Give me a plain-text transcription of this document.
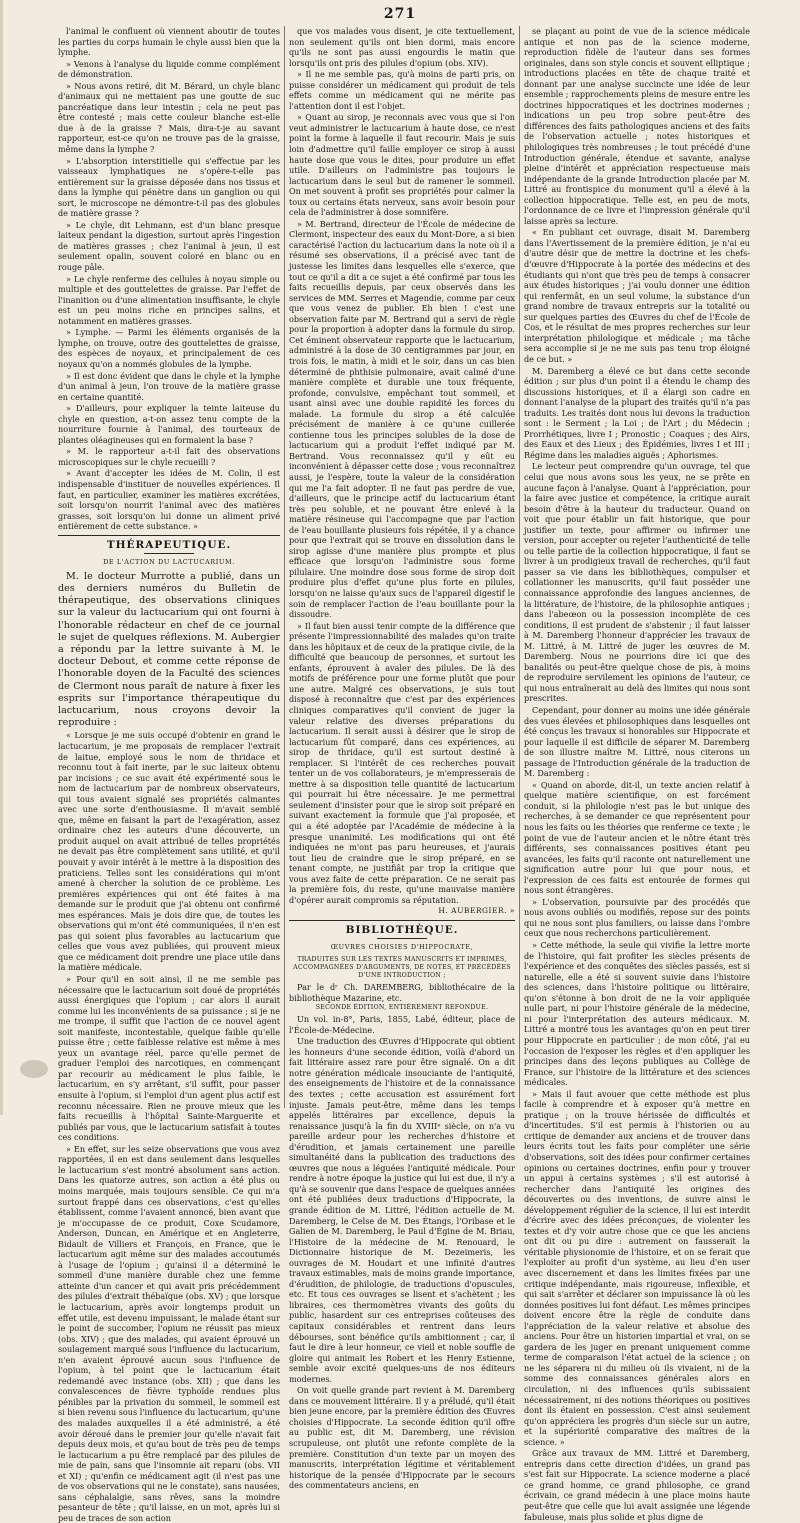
271

l'animal le confluent où viennent aboutir de toutes les parties du corps humain le chyle aussi bien que la lymphe.

» Venons à l'analyse du liquide comme complément de démonstration.

» Nous avons retiré, dit M. Bérard, un chyle blanc d'animaux qui ne mettaient pas une goutte de suc pancréatique dans leur intestin ; cela ne peut pas être contesté ; mais cette couleur blanche est-elle due à de la graisse ? Mais, dira-t-je au savant rapporteur, est-ce qu'on ne trouve pas de la graisse, même dans la lymphe ?

» L'absorption interstitielle qui s'effectue par les vaisseaux lymphatiques ne s'opère-t-elle pas entièrement sur la graisse déposée dans nos tissus et dans la lymphe qui pénètre dans un ganglion ou qui sort, le microscope ne démontre-t-il pas des globules de matière grasse ?

» Le chyle, dit Lehmann, est d'un blanc presque laiteux pendant la digestion, surtout après l'ingestion de matières grasses ; chez l'animal à jeun, il est seulement opalin, souvent coloré en blanc ou en rouge pâle.

» Le chyle renferme des cellules à noyau simple ou multiple et des gouttelettes de graisse. Par l'effet de l'inanition ou d'une alimentation insuffisante, le chyle est un peu moins riche en principes salins, et notamment en matières grasses.

» Lymphe. — Parmi les éléments organisés de la lymphe, on trouve, outre des gouttelettes de graisse, des espèces de noyaux, et principalement de ces noyaux qu'on a nommés globules de la lymphe.

» Il est donc évident que dans le chyle et la lymphe d'un animal à jeun, l'on trouve de la matière grasse en certaine quantité.

» D'ailleurs, pour expliquer la teinte laiteuse du chyle en question, a-t-on assez tenu compte de la nourriture fournie à l'animal, des tourteaux de plantes oléagineuses qui en formaient la base ?

» M. le rapporteur a-t-il fait des observations microscopiques sur le chyle recueilli ?

» Avant d'accepter les idées de M. Colin, il est indispensable d'instituer de nouvelles expériences. Il faut, en particulier, examiner les matières excrétées, soit lorsqu'on nourrit l'animal avec des matières grasses, soit lorsqu'on lui donne un aliment privé entièrement de cette substance. »

THÉRAPEUTIQUE.
DE L'ACTION DU LACTUCARIUM.

M. le docteur Murrotte a publié, dans un des derniers numéros du Bulletin de thérapeutique, des observations cliniques sur la valeur du lactucarium qui ont fourni à l'honorable rédacteur en chef de ce journal le sujet de quelques réflexions. M. Aubergier a répondu par la lettre suivante à M. le docteur Debout, et comme cette réponse de l'honorable doyen de la Faculté des sciences de Clermont nous paraît de nature à fixer les esprits sur l'importance thérapeutique du lactucarium, nous croyons devoir la reproduire :

« Lorsque je me suis occupé d'obtenir en grand le lactucarium, je me proposais de remplacer l'extrait de laitue, employé sous le nom de thridace et reconnu tout à fait inerte, par le suc laiteux obtenu par incisions ; ce suc avait été expérimenté sous le nom de lactucarium par de nombreux observateurs, qui tous avaient signalé ses propriétés calmantes avec une sorte d'enthousiasme. Il m'avait semblé que, même en faisant la part de l'exagération, assez ordinaire chez les auteurs d'une découverte, un produit auquel on avait attribué de telles propriétés ne devait pas être complètement sans utilité, et qu'il pouvait y avoir intérêt à le mettre à la disposition des praticiens. Telles sont les considérations qui m'ont amené à chercher la solution de ce problème. Les premières expériences qui ont été faites à ma demande sur le produit que j'ai obtenu ont confirmé mes espérances. Mais je dois dire que, de toutes les observations qui m'ont été communiquées, il n'en est pas qui soient plus favorables au lactucarium que celles que vous avez publiées, qui prouvent mieux que ce médicament doit prendre une place utile dans la matière médicale.

» Pour qu'il en soit ainsi, il ne me semble pas nécessaire que le lactucarium soit doué de propriétés aussi énergiques que l'opium ; car alors il aurait comme lui les inconvénients de sa puissance ; si je ne me trompe, il suffit que l'action de ce nouvel agent soit manifeste, incontestable, quelque faible qu'elle puisse être ; cette faiblesse relative est même à mes yeux un avantage réel, parce qu'elle permet de graduer l'emploi des narcotiques, en commençant par recourir au médicament le plus faible, le lactucarium, en s'y arrêtant, s'il suffit, pour passer ensuite à l'opium, si l'emploi d'un agent plus actif est reconnu nécessaire. Rien ne prouve mieux que les faits recueillis à l'hôpital Sainte-Marguerite et publiés par vous, que le lactucarium satisfait à toutes ces conditions.

» En effet, sur les seize observations que vous avez rapportées, il en est dans seulement dans lesquelles le lactucarium s'est montré absolument sans action. Dans les quatorze autres, son action a été plus ou moins marquée, mais toujours sensible. Ce qui m'a surtout frappé dans ces observations, c'est qu'elles établissent, comme l'avaient annoncé, bien avant que je m'occupasse de ce produit, Coxe Scudamore, Anderson, Duncan, en Amérique et en Angleterre, Bidault de Villiers et François, en France, que le lactucarium agit même sur des malades accoutumés à l'usage de l'opium ; qu'ainsi il a déterminé le sommeil d'une manière durable chez une femme atteinte d'un cancer et qui avait pris précédemment des pilules d'extrait thébaïque (obs. XV) ; que lorsque le lactucarium, après avoir longtemps produit un effet utile, est devenu impuissant, le malade étant sur le point de succomber, l'opium ne réussit pas mieux (obs. XIV) ; que des malades, qui avaient éprouvé un soulagement marqué sous l'influence du lactucarium, n'en avaient éprouvé aucun sous l'influence de l'opium, à tel point que le lactucarium était redemandé avec instance (obs. XII) ; que dans les convalescences de fièvre typhoïde rendues plus pénibles par la privation du sommeil, le sommeil est si bien revenu sous l'influence du lactucarium, qu'une des malades auxquelles il a été administré, a été avoir déroué dans le premier jour qu'elle n'avait fait depuis deux mois, et qu'au bout de très peu de temps le lactucarium a pu être remplacé par des pilules de mie de pain, sans que l'insomnie ait reparu (obs. VII et XI) ; qu'enfin ce médicament agit (il n'est pas une de vos observations qui ne le constate), sans nausées, sans céphalalgie, sans rêves, sans la moindre pesanteur de tête ; qu'il laisse, en un mot, après lui si peu de traces de son action

que vos malades vous disent, je cite textuellement, non seulement qu'ils ont bien dormi, mais encore qu'ils ne sont pas aussi engourdis le matin que lorsqu'ils ont pris des pilules d'opium (obs. XIV).

» Il ne me semble pas, qu'à moins de parti pris, on puisse considérer un médicament qui produit de tels effets comme un médicament qui ne mérite pas l'attention dont il est l'objet.

» Quant au sirop, je reconnais avec vous que si l'on veut administrer le lactucarium à haute dose, ce n'est point la forme à laquelle il faut recourir. Mais je suis loin d'admettre qu'il faille employer ce sirop à aussi haute dose que vous le dites, pour produire un effet utile. D'ailleurs on l'administre pas toujours le lactucarium dans le seul but de ramener le sommeil. On met souvent à profit ses propriétés pour calmer la toux ou certains états nerveux, sans avoir besoin pour cela de l'administrer à dose somnifère.

» M. Bertrand, directeur de l'École de médecine de Clermont, inspecteur des eaux du Mont-Dore, a si bien caractérisé l'action du lactucarium dans la note où il a résumé ses observations, il a précisé avec tant de justesse les limites dans lesquelles elle s'exerce, que tout ce qu'il a dit a ce sujet a été confirmé par tous les faits recueillis depuis, par ceux observés dans les services de MM. Serres et Magendie, comme par ceux que vous venez de publier. Eh bien ! c'est une observation faite par M. Bertrand qui a servi de règle pour la proportion à adopter dans la formule du sirop. Cet éminent observateur rapporte que le lactucarium, administré à la dose de 30 centigrammes par jour, en trois fois, le matin, à midi et le soir, dans un cas bien déterminé de phthisie pulmonaire, avait calmé d'une manière complète et durable une toux fréquente, profonde, convulsive, empêchant tout sommeil, et usant ainsi avec une double rapidité les forces du malade. La formule du sirop a été calculée précisément de manière à ce qu'une cuillerée contienne tous les principes solubles de la dose de lactucarium qui a produit l'effet indiqué par M. Bertrand. Vous reconnaissez qu'il y eût eu inconvénient à dépasser cette dose ; vous reconnaîtrez aussi, je l'espère, toute la valeur de la considération qui me l'a fait adopter. Il ne faut pas perdre de vue, d'ailleurs, que le principe actif du lactucarium étant très peu soluble, et ne pouvant être enlevé à la matière résineuse qui l'accompagne que par l'action de l'eau bouillante plusieurs fois répétée, il y a chance pour que l'extrait qui se trouve en dissolution dans le sirop agisse d'une manière plus prompte et plus efficace que lorsqu'on l'administre sous forme pilulaire. Une moindre dose sous forme de sirop doit produire plus d'effet qu'une plus forte en pilules, lorsqu'on ne laisse qu'aux sucs de l'appareil digestif le soin de remplacer l'action de l'eau bouillante pour la dissoudre.

» Il faut bien aussi tenir compte de la différence que présente l'impressionnabilité des malades qu'on traite dans les hôpitaux et de ceux de la pratique civile, de la difficulté que beaucoup de personnes, et surtout les enfants, éprouvent à avaler des pilules. De là des motifs de préférence pour une forme plutôt que pour une autre. Malgré ces observations, je suis tout disposé à reconnaître que c'est par des expériences cliniques comparatives qu'il convient de juger la valeur relative des diverses préparations du lactucarium. Il serait aussi à désirer que le sirop de lactucarium fût comparé, dans ces expériences, au sirop de thridace, qu'il est surtout destiné à remplacer. Si l'intérêt de ces recherches pouvait tenter un de vos collaborateurs, je m'empresserais de mettre à sa disposition telle quantité de lactucarium qui pourrait lui être nécessaire. Je me permettrai seulement d'insister pour que le sirop soit préparé en suivant exactement la formule que j'ai proposée, et qui a été adoptée par l'Académie de médecine à la presque unanimité. Les modifications qui ont été indiquées ne m'ont pas paru heureuses, et j'aurais tout lieu de craindre que le sirop préparé, en se tenant compte, ne justifiât par trop la critique que vous avez faite de cette préparation. Ce ne serait pas la première fois, du reste, qu'une mauvaise manière d'opérer aurait compromis sa réputation.

H. AUBERGIER. »
BIBLIOTHÈQUE.
ŒUVRES CHOISIES D'HIPPOCRATE,
TRADUITES SUR LES TEXTES MANUSCRITS ET IMPRIMÉS, ACCOMPAGNÉES D'ARGUMENTS, DE NOTES, ET PRÉCÉDÉES D'UNE INTRODUCTION ;

Par le dʳ Ch. DAREMBERG, bibliothécaire de la bibliothèque Mazarine, etc.

SECONDE ÉDITION, ENTIÈREMENT REFONDUE.

Un vol. in-8°, Paris, 1855, Labé, éditeur, place de l'École-de-Médecine.

Une traduction des Œuvres d'Hippocrate qui obtient les honneurs d'une seconde édition, voilà d'abord un fait littéraire assez rare pour être signalé. On a dit notre génération médicale insouciante de l'antiquité, des enseignements de l'histoire et de la connaissance des textes ; cette accusation est assurément fort injuste. Jamais peut-être, même dans les temps appelés littéraires par excellence, depuis la renaissance jusqu'à la fin du XVIIIᵉ siècle, on n'a vu pareille ardeur pour les recherches d'histoire et d'érudition, et jamais certainement une pareille simultanéité dans la publication des traductions des œuvres que nous a léguées l'antiquité médicale. Pour rendre à notre époque la justice qui lui est due, il n'y a qu'à se souvenir que dans l'espace de quelques années ont été publiées deux traductions d'Hippocrate, la grande édition de M. Littré, l'édition actuelle de M. Daremberg, le Celse de M. Des Étangs, l'Oribase et le Galien de M. Daremberg, le Paul d'Égine de M. Briau, l'Histoire de la médecine de M. Renouard, le Dictionnaire historique de M. Dezeimeris, les ouvrages de M. Houdart et une infinité d'autres travaux estimables, mais de moins grande importance, d'érudition, de philologie, de traductions d'opuscules, etc. Et tous ces ouvrages se lisent et s'achètent ; les libraires, ces thermomètres vivants des goûts du public, hasardent sur ces entreprises coûteuses des capitaux considérables et rentrent dans leurs débourses, sont bénéfice qu'ils ambitionnent ; car, il faut le dire à leur honneur, ce vieil et noble souffle de gloire qui animait les Robert et les Henry Estienne, semble avoir excité quelques-uns de nos éditeurs modernes.

On voit quelle grande part revient à M. Daremberg dans ce mouvement littéraire. Il y a préludé, qu'il était bien jeune encore, par la première édition des Œuvres choisies d'Hippocrate. La seconde édition qu'il offre au public est, dit M. Daremberg, une révision scrupuleuse, ont plutôt une refonte complète de la première. Constitution d'un texte par un moyen des manuscrits, interprétation légitime et véritablement historique de la pensée d'Hippocrate par le secours des commentateurs anciens, en

se plaçant au point de vue de la science médicale antique et non pas de la science moderne, reproduction fidèle de l'auteur dans ses formes originales, dans son style concis et souvent elliptique ; introductions placées en tête de chaque traité et donnant par une analyse succincte une idée de leur ensemble ; rapprochements pleins de mesure entre les doctrines hippocratiques et les doctrines modernes ; indications un peu trop sobre peut-être des différences des faits pathologiques anciens et des faits de l'observation actuelle ; notes historiques et philologiques très nombreuses ; le tout précédé d'une Introduction générale, étendue et savante, analyse pleine d'intérêt et appréciation respectueuse mais indépendante de la grande Introduction placée par M. Littré au frontispice du monument qu'il a élevé à la collection hippocratique. Telle est, en peu de mots, l'ordonnance de ce livre et l'impression générale qu'il laisse après sa lecture.

« En publiant cet ouvrage, disait M. Daremberg dans l'Avertissement de la première édition, je n'ai eu d'autre désir que de mettre la doctrine et les chefs-d'œuvre d'Hippocrate à la portée des médecins et des étudiants qui n'ont que très peu de temps à consacrer aux études historiques ; j'ai voulu donner une édition qui renfermât, en un seul volume, la substance d'un grand nombre de travaux entrepris sur la totalité ou sur quelques parties des Œuvres du chef de l'École de Cos, et le résultat de mes propres recherches sur leur interprétation philologique et médicale ; ma tâche sera accomplie si je ne me suis pas tenu trop éloigné de ce but. »

M. Daremberg a élevé ce but dans cette seconde édition ; sur plus d'un point il a étendu le champ des discussions historiques, et il a élargi son cadre en donnant l'analyse de la plupart des traités qu'il n'a pas traduits. Les traités dont nous lui devons la traduction sont : le Serment ; la Loi ; de l'Art ; du Médecin ; Prorrhétiques, livre I ; Pronostic ; Coaques ; des Airs, des Eaux et des Lieux ; des Épidémies, livres I et III ; Régime dans les maladies aiguës ; Aphorismes.

Le lecteur peut comprendre qu'un ouvrage, tel que celui que nous avons sous les yeux, ne se prête en aucune façon à l'analyse. Quant à l'appréciation, pour la faire avec justice et compétence, la critique aurait besoin d'être à la hauteur du traducteur. Quand on voit que pour établir un fait historique, que pour justifier un texte, pour affirmer ou infirmer une version, pour accepter ou rejeter l'authenticité de telle ou telle partie de la collection hippocratique, il faut se livrer à un prodigieux travail de recherches, qu'il faut passer sa vie dans les bibliothèques, compulser et collationner les manuscrits, qu'il faut posséder une connaissance approfondie des langues anciennes, de la littérature, de l'histoire, de la philosophie antiques ; dans l'abeœon ou la possession incomplète de ces conditions, il est prudent de s'abstenir ; il faut laisser à M. Daremberg l'honneur d'apprécier les travaux de M. Littré, à M. Littré de juger les œuvres de M. Daremberg. Nous ne pourrions dire ici que des banalités ou peut-être quelque chose de pis, à moins de reproduire servilement les opinions de l'auteur, ce qui nous entraînerait au delà des limites qui nous sont prescrites.

Cependant, pour donner au moins une idée générale des vues élevées et philosophiques dans lesquelles ont été conçus les travaux si honorables sur Hippocrate et pour laquelle il est difficile de séparer M. Daremberg de son illustre maître M. Littré, nous citerons un passage de l'Introduction générale de la traduction de M. Daremberg :

« Quand on aborde, dit-il, un texte ancien relatif à quelque matière scientifique, on est forcément conduit, si la philologie n'est pas le but unique des recherches, à se demander ce que représentent pour nous les faits ou les théories que renferme ce texte ; le point de vue de l'auteur ancien et le nôtre étant très différents, ses connaissances positives étant peu avancées, les faits qu'il raconte ont naturellement une signification autre pour lui que pour nous, et l'expression de ces faits est entourée de formes qui nous sont étrangères.

» L'observation, poursuivie par des procédés que nous avons oubliés ou modifiés, repose sur des points qui ne nous sont plus familiers, ou laisse dans l'ombre ceux que nous recherchons particulièrement.

» Cette méthode, la seule qui vivifie la lettre morte de l'histoire, qui fait profiter les siècles présents de l'expérience et des conquêtes des siècles passés, est si naturelle, elle a été si souvent suivie dans l'histoire des sciences, dans l'histoire politique ou littéraire, qu'on s'étonne à bon droit de ne la voir appliquée nulle part, ni pour l'histoire générale de la médecine, ni pour l'interprétation des auteurs médicaux. M. Littré a montré tous les avantages qu'on en peut tirer pour Hippocrate en particulier ; de mon côté, j'ai eu l'occasion de l'exposer les règles et d'en appliquer les principes dans des leçons publiques au Collège de France, sur l'histoire de la littérature et des sciences médicales.

» Mais il faut avouer que cette méthode est plus facile à comprendre et à exposer qu'à mettre en pratique ; on la trouve hérissée de difficultés et d'incertitudes. S'il est permis à l'historien ou au critique de demander aux anciens et de trouver dans leurs écrits tout les faits pour compléter une série d'observations, soit des idées pour confirmer certaines opinions ou certaines doctrines, enfin pour y trouver un appui à certains systèmes ; s'il est autorisé à rechercher dans l'antiquité les origines des découvertes ou des inventions, de suivre ainsi le développement régulier de la science, il lui est interdit d'écrire avec des idées préconçues, de violenter les textes et d'y voir autre chose que ce que les anciens ont dit ou pu dire : autrement on fausserait la véritable physionomie de l'histoire, et on se ferait que l'exploiter au profit d'un système, au lieu d'en user avec discernement et dans les limites fixées par une critique indépendante, mais rigoureuse, inflexible, et qui sait s'arrêter et déclarer son impuissance là où les données positives lui font défaut. Les mêmes principes doivent encore être la règle de conduite dans l'appréciation de la valeur relative et absolue des anciens. Pour être un historien impartial et vrai, on se gardera de les juger en prenant uniquement comme terme de comparaison l'état actuel de la science ; on ne les séparera ni du milieu où ils vivaient, ni de la somme des connaissances générales alors en circulation, ni des influences qu'ils subissaient nécessairement, ni des notions théoriques ou positives dont ils étaient en possession. C'est ainsi seulement qu'on appréciera les progrès d'un siècle sur un autre, et la supériorité comparative des maîtres de la science. »

Grâce aux travaux de MM. Littré et Daremberg, entrepris dans cette direction d'idées, un grand pas s'est fait sur Hippocrate. La science moderne a placé ce grand homme, ce grand philosophe, ce grand écrivain, ce grand médecin à une place moins haute peut-être que celle que lui avait assignée une légende fabuleuse, mais plus solide et plus digne de
